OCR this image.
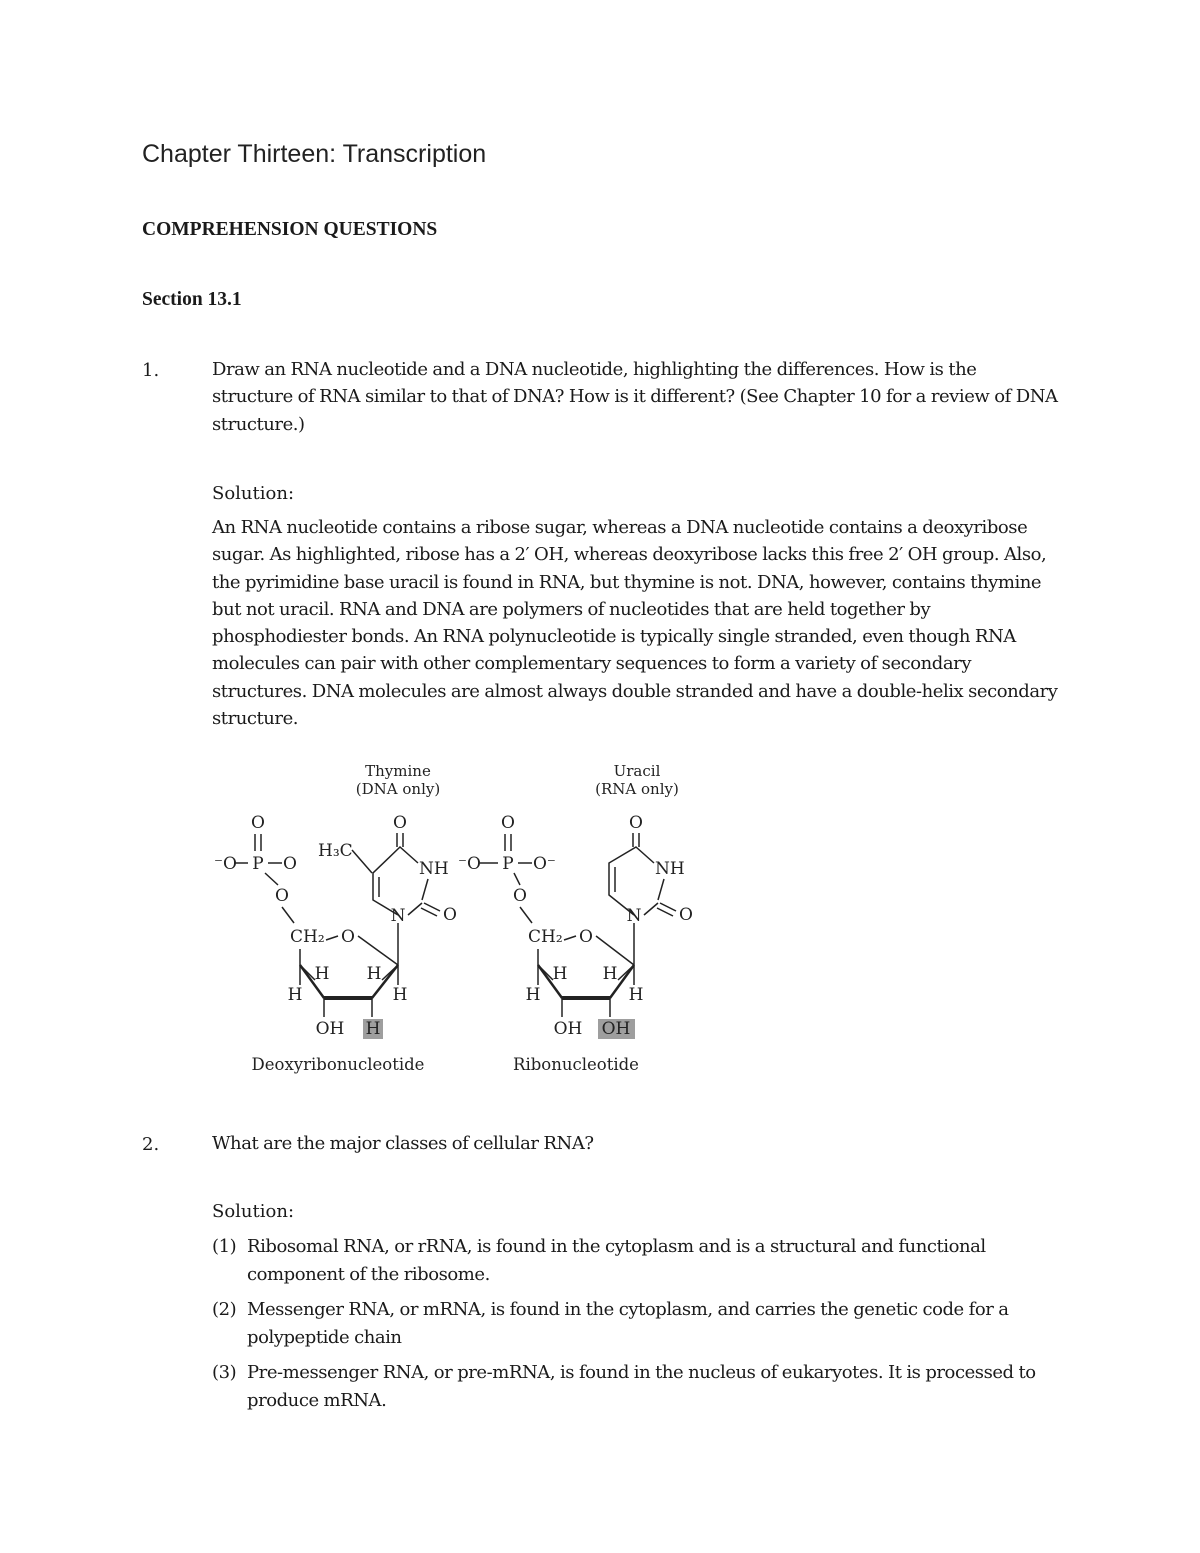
Chapter Thirteen: Transcription
COMPREHENSION QUESTIONS
Section 13.1
1.	Draw an RNA nucleotide and a DNA nucleotide, highlighting the differences. How is the structure of RNA similar to that of DNA? How is it different? (See Chapter 10 for a review of DNA structure.)

Solution:

An RNA nucleotide contains a ribose sugar, whereas a DNA nucleotide contains a deoxyribose sugar. As highlighted, ribose has a 2′ OH, whereas deoxyribose lacks this free 2′ OH group. Also, the pyrimidine base uracil is found in RNA, but thymine is not. DNA, however, contains thymine but not uracil. RNA and DNA are polymers of nucleotides that are held together by phosphodiester bonds. An RNA polynucleotide is typically single stranded, even though RNA molecules can pair with other complementary sequences to form a variety of secondary structures. DNA molecules are almost always double stranded and have a double-helix secondary structure.

Thymine
(DNA only)
O
⁻O P O
O
H₃C
O
NH
N O
CH₂ O
H H
H	H
OH H
Deoxyribonucleotide
Uracil
(RNA only)
O
⁻O P O⁻
O
O
NH
N O
CH₂ O
H H
H	H
OH OH
Ribonucleotide
2.	What are the major classes of cellular RNA?

Solution:
(1) Ribosomal RNA, or rRNA, is found in the cytoplasm and is a structural and functional component of the ribosome.
(2) Messenger RNA, or mRNA, is found in the cytoplasm, and carries the genetic code for a polypeptide chain
(3) Pre-messenger RNA, or pre-mRNA, is found in the nucleus of eukaryotes. It is processed to produce mRNA.
